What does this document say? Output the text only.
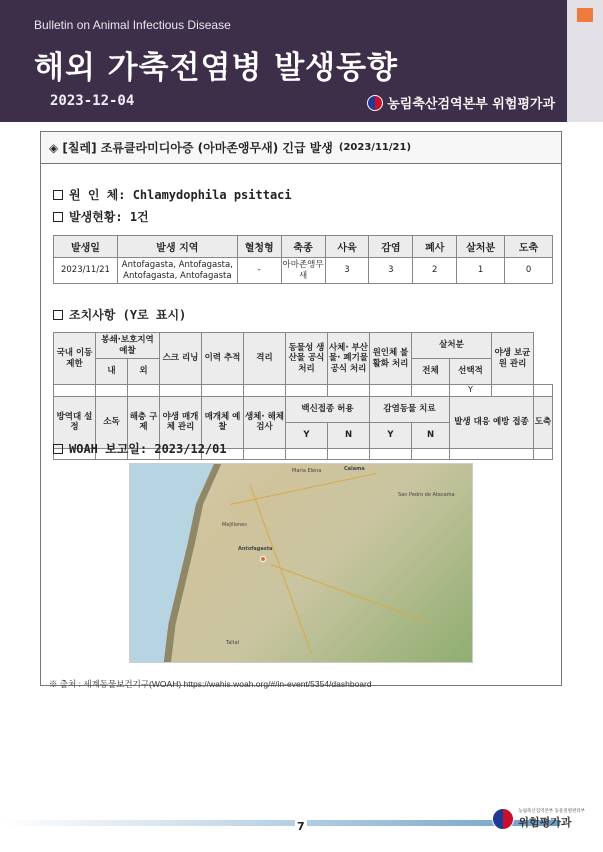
Bulletin on Animal Infectious Disease
해외 가축전염병 발생동향
2023-12-04	농림축산검역본부 위험평가과
◈ [칠레] 조류클라미디아증 (아마존앵무새) 긴급 발생 (2023/11/21)
원 인 체: Chlamydophila psittaci
발생현황: 1건
발생일	발생 지역	혈청형	축종	사육	감염	폐사	살처분	도축
2023/11/21	Antofagasta, Antofagasta, Antofagasta, Antofagasta	-	아마존앵무새	3	3	2	1	0
조치사항 (Y로 표시)
국내 이동 제한	봉쇄·보호지역 예찰		스크 리닝	이력 추적	격리	동물성 생산물 공식 처리	사체· 부산물· 폐기물 공식 처리	원인체 불활화 처리	살처분		야생 보균원 관리	
	내	외							전체	선택적		
										Y		
방역대 설정	소독	해충 구제	야생 매개체 관리	매개체 예찰	생체· 해체 검사	백신접종 허용		감염동물 치료		발생 대응 예방 접종		도축
						Y	N	Y	N			

WOAH 보고일: 2023/12/01
Maria Elena	Calama
Mejillones
San Pedro de Atacama
Antofagasta
Taltal
※ 출처 : 세계동물보건기구(WOAH) https://wahis.woah.org/#/in-event/5354/dashboard
7
농림축산검역본부 동물질병관리부
위험평가과
